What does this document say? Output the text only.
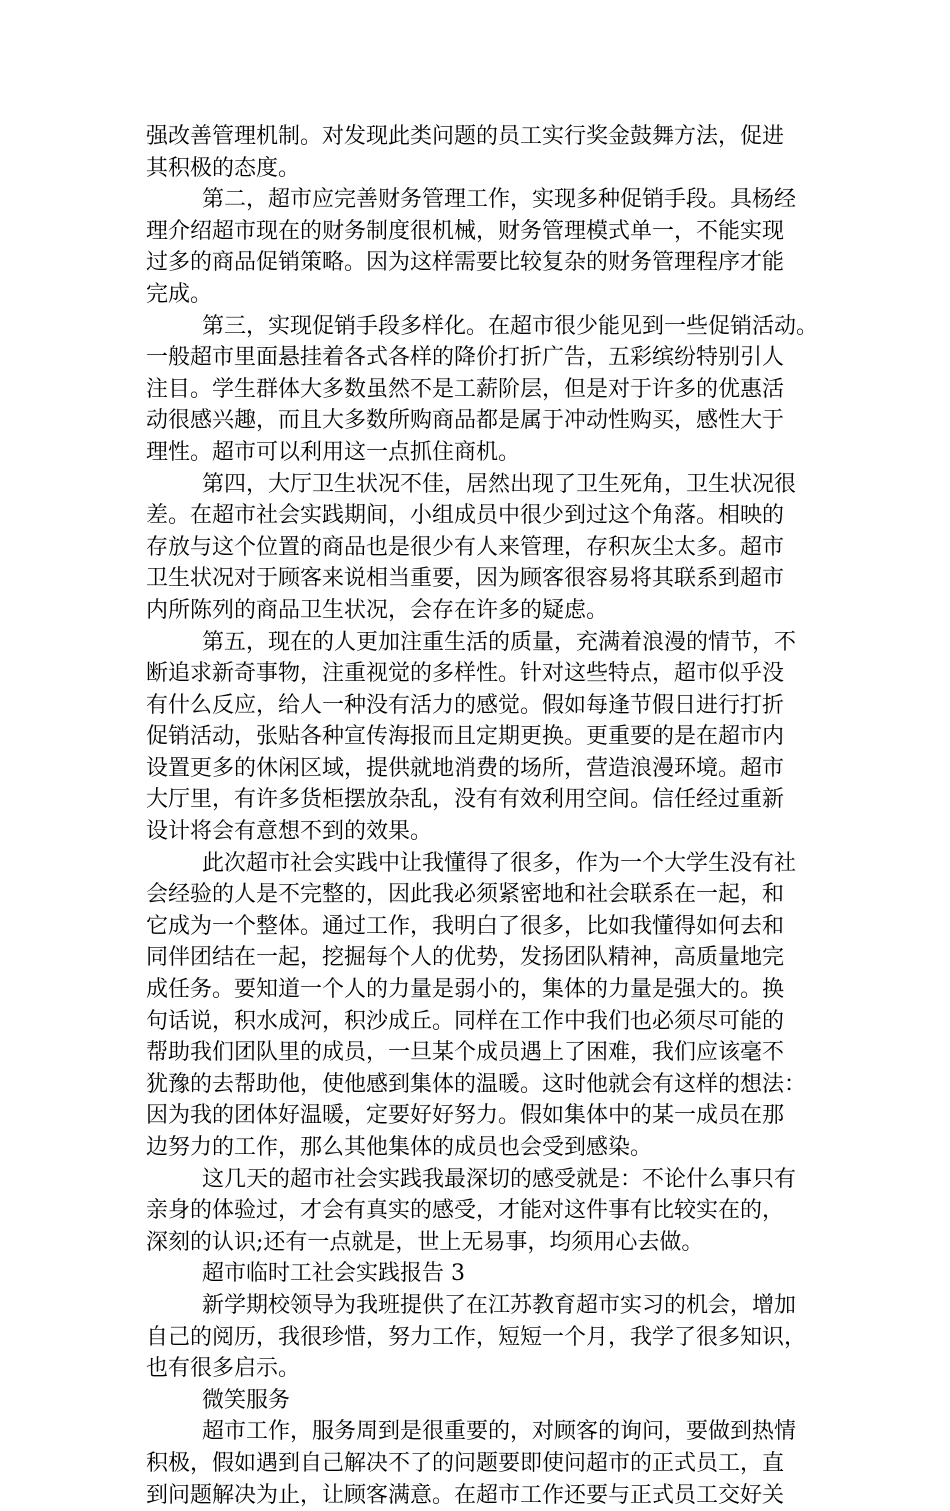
强改善管理机制。对发现此类问题的员工实行奖金鼓舞方法，促进
其积极的态度。
第二，超市应完善财务管理工作，实现多种促销手段。具杨经
理介绍超市现在的财务制度很机械，财务管理模式单一，不能实现
过多的商品促销策略。因为这样需要比较复杂的财务管理程序才能
完成。
第三，实现促销手段多样化。在超市很少能见到一些促销活动。
一般超市里面悬挂着各式各样的降价打折广告，五彩缤纷特别引人
注目。学生群体大多数虽然不是工薪阶层，但是对于许多的优惠活
动很感兴趣，而且大多数所购商品都是属于冲动性购买，感性大于
理性。超市可以利用这一点抓住商机。
第四，大厅卫生状况不佳，居然出现了卫生死角，卫生状况很
差。在超市社会实践期间，小组成员中很少到过这个角落。相映的
存放与这个位置的商品也是很少有人来管理，存积灰尘太多。超市
卫生状况对于顾客来说相当重要，因为顾客很容易将其联系到超市
内所陈列的商品卫生状况，会存在许多的疑虑。
第五，现在的人更加注重生活的质量，充满着浪漫的情节，不
断追求新奇事物，注重视觉的多样性。针对这些特点，超市似乎没
有什么反应，给人一种没有活力的感觉。假如每逢节假日进行打折
促销活动，张贴各种宣传海报而且定期更换。更重要的是在超市内
设置更多的休闲区域，提供就地消费的场所，营造浪漫环境。超市
大厅里，有许多货柜摆放杂乱，没有有效利用空间。信任经过重新
设计将会有意想不到的效果。
此次超市社会实践中让我懂得了很多，作为一个大学生没有社
会经验的人是不完整的，因此我必须紧密地和社会联系在一起，和
它成为一个整体。通过工作，我明白了很多，比如我懂得如何去和
同伴团结在一起，挖掘每个人的优势，发扬团队精神，高质量地完
成任务。要知道一个人的力量是弱小的，集体的力量是强大的。换
句话说，积水成河，积沙成丘。同样在工作中我们也必须尽可能的
帮助我们团队里的成员，一旦某个成员遇上了困难，我们应该毫不
犹豫的去帮助他，使他感到集体的温暖。这时他就会有这样的想法：
因为我的团体好温暖，定要好好努力。假如集体中的某一成员在那
边努力的工作，那么其他集体的成员也会受到感染。
这几天的超市社会实践我最深切的感受就是：不论什么事只有
亲身的体验过，才会有真实的感受，才能对这件事有比较实在的，
深刻的认识;还有一点就是，世上无易事，均须用心去做。
超市临时工社会实践报告 3
新学期校领导为我班提供了在江苏教育超市实习的机会，增加
自己的阅历，我很珍惜，努力工作，短短一个月，我学了很多知识，
也有很多启示。
微笑服务
超市工作，服务周到是很重要的，对顾客的询问，要做到热情
积极，假如遇到自己解决不了的问题要即使问超市的正式员工，直
到问题解决为止，让顾客满意。在超市工作还要与正式员工交好关
